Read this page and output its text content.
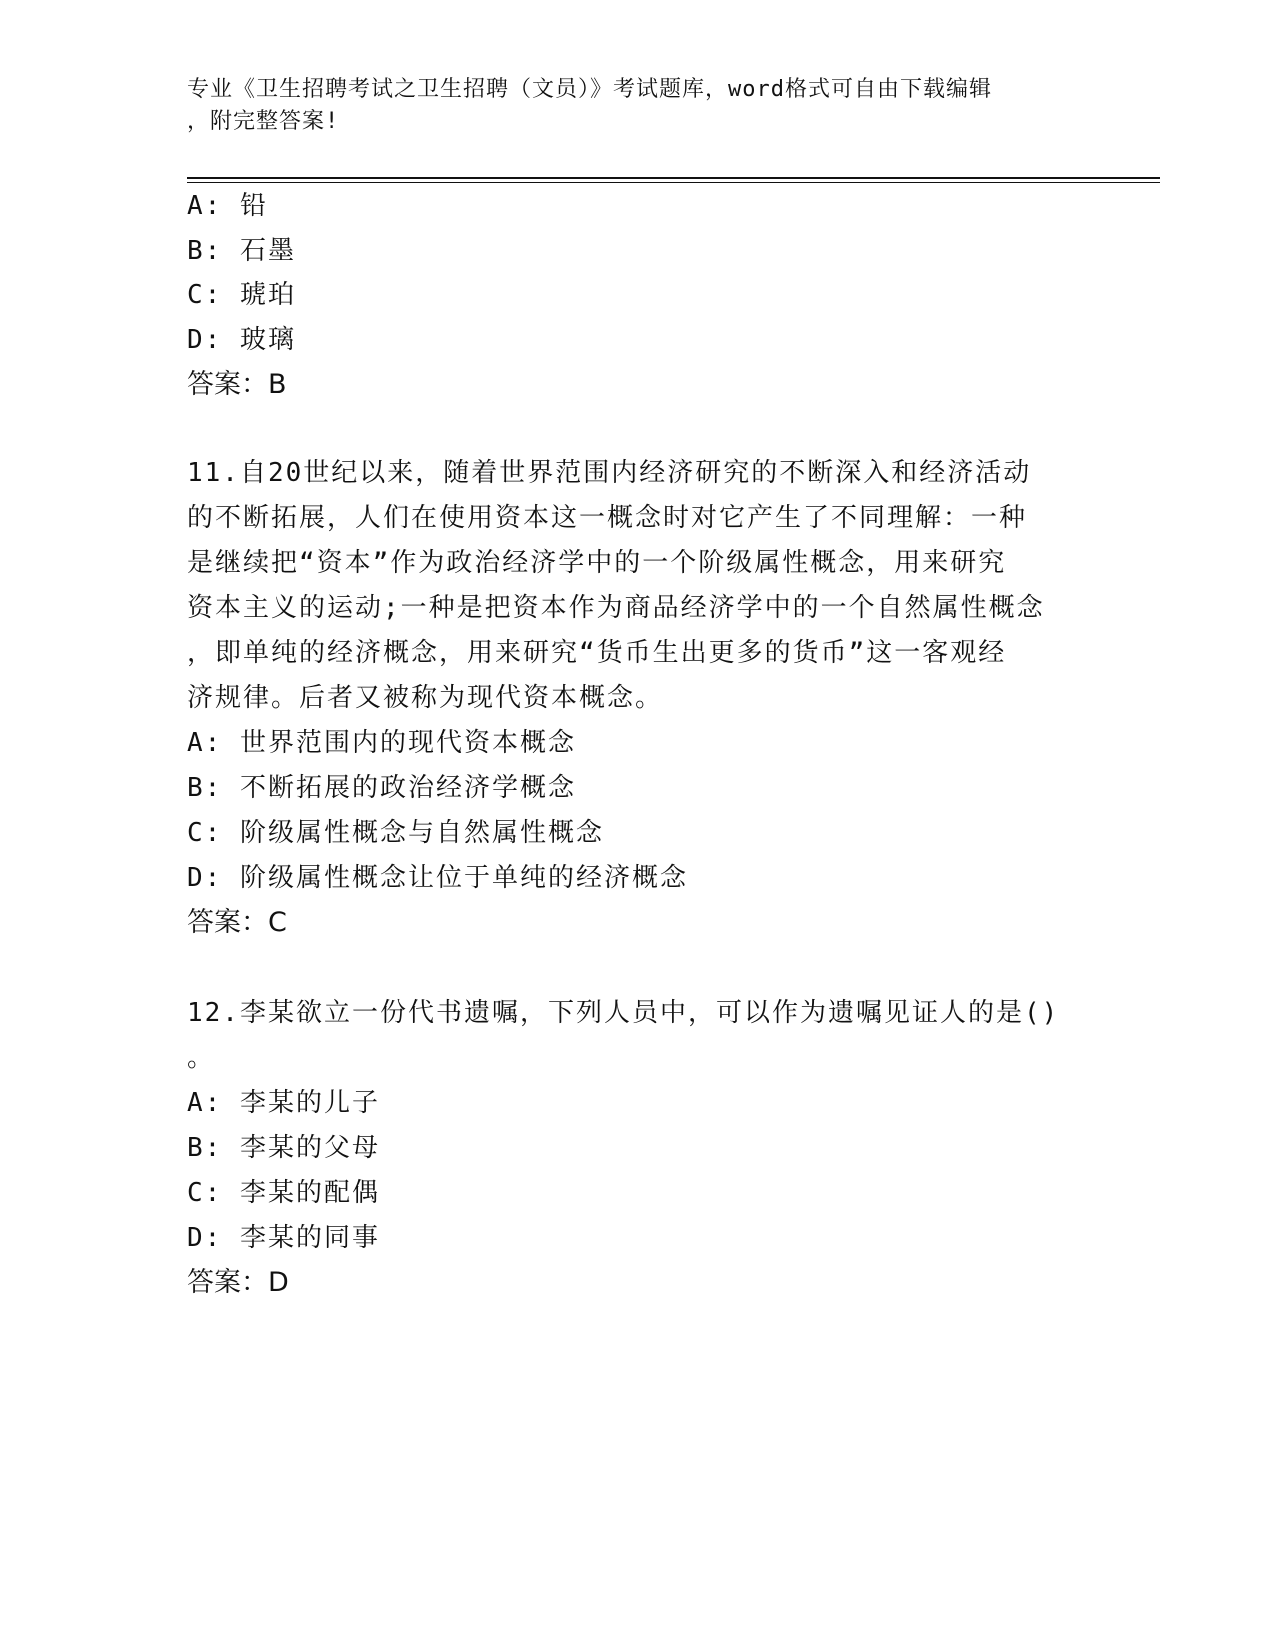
专业《卫生招聘考试之卫生招聘（文员）》考试题库，word格式可自由下载编辑
，附完整答案!
A: 铅
B: 石墨
C: 琥珀
D: 玻璃
答案：B
11.自20世纪以来，随着世界范围内经济研究的不断深入和经济活动
的不断拓展，人们在使用资本这一概念时对它产生了不同理解：一种
是继续把“资本”作为政治经济学中的一个阶级属性概念，用来研究
资本主义的运动;一种是把资本作为商品经济学中的一个自然属性概念
，即单纯的经济概念，用来研究“货币生出更多的货币”这一客观经
济规律。后者又被称为现代资本概念。
A: 世界范围内的现代资本概念
B: 不断拓展的政治经济学概念
C: 阶级属性概念与自然属性概念
D: 阶级属性概念让位于单纯的经济概念
答案：C
12.李某欲立一份代书遗嘱，下列人员中，可以作为遗嘱见证人的是()
。
A: 李某的儿子
B: 李某的父母
C: 李某的配偶
D: 李某的同事
答案：D
